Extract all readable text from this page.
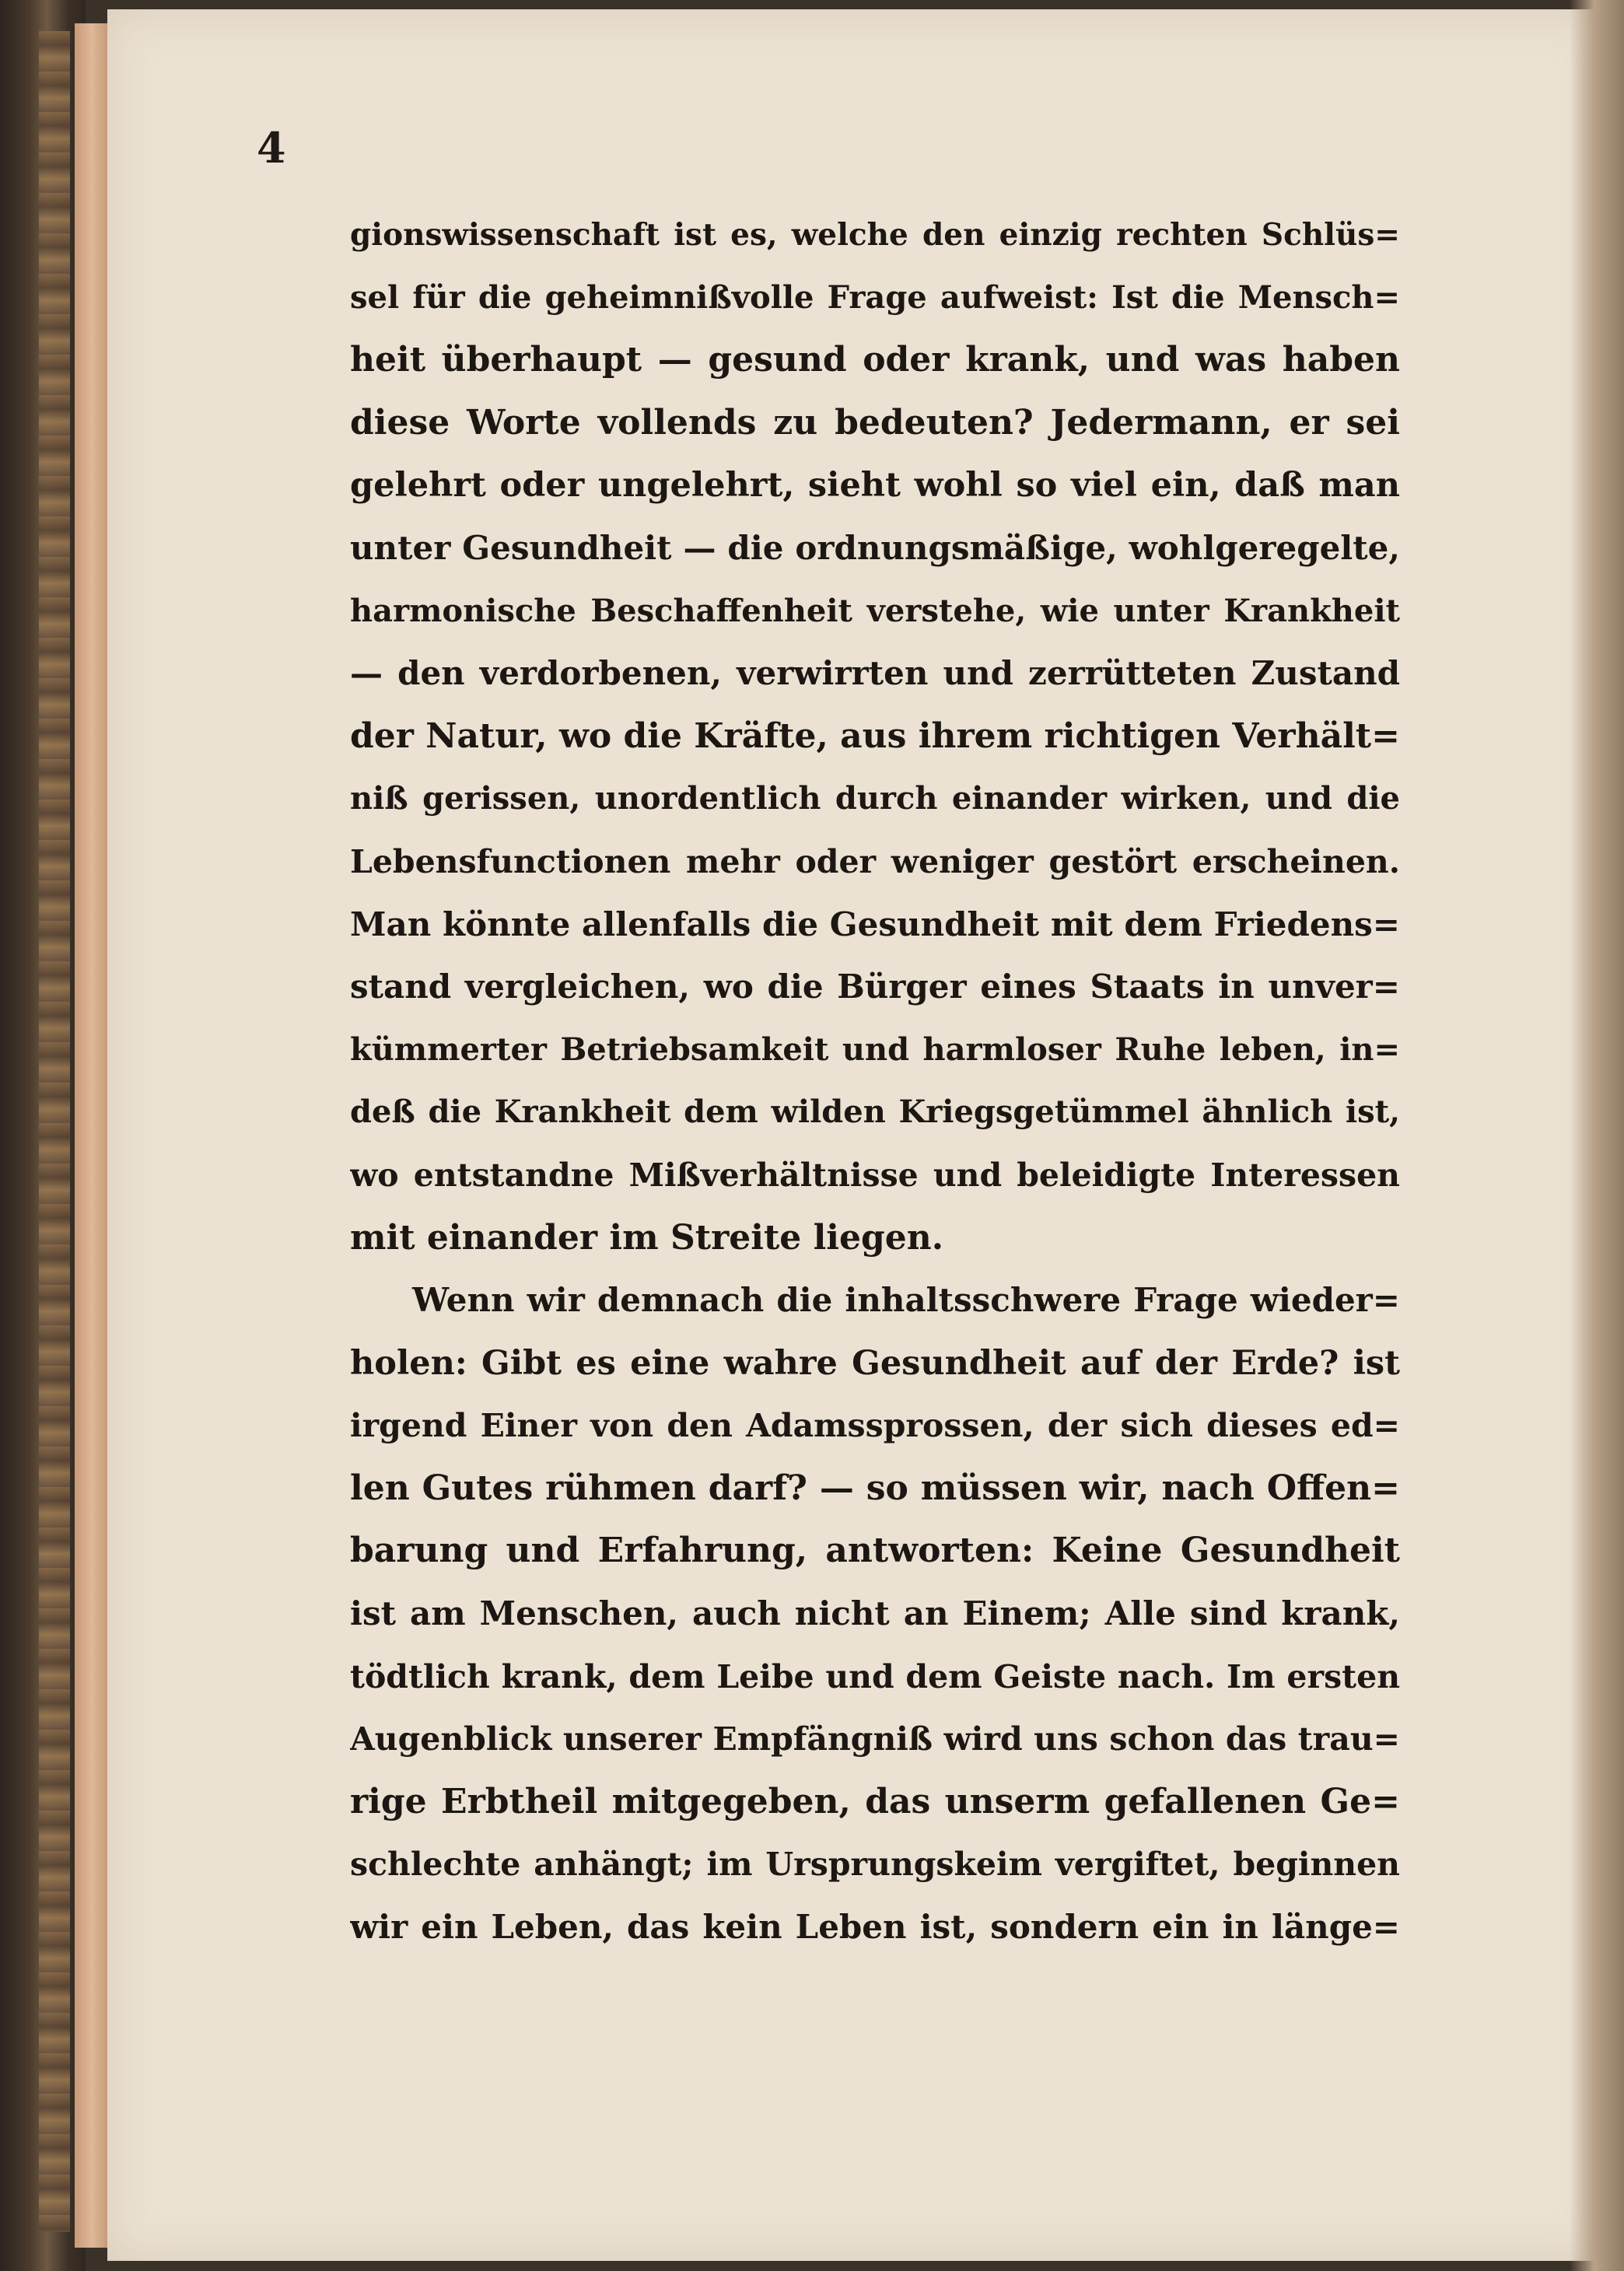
4
gionswissenschaft ist es, welche den einzig rechten Schlüs=
sel für die geheimnißvolle Frage aufweist: Ist die Mensch=
heit überhaupt — gesund oder krank, und was haben
diese Worte vollends zu bedeuten? Jedermann, er sei
gelehrt oder ungelehrt, sieht wohl so viel ein, daß man
unter Gesundheit — die ordnungsmäßige, wohlgeregelte,
harmonische Beschaffenheit verstehe, wie unter Krankheit
— den verdorbenen, verwirrten und zerrütteten Zustand
der Natur, wo die Kräfte, aus ihrem richtigen Verhält=
niß gerissen, unordentlich durch einander wirken, und die
Lebensfunctionen mehr oder weniger gestört erscheinen.
Man könnte allenfalls die Gesundheit mit dem Friedens=
stand vergleichen, wo die Bürger eines Staats in unver=
kümmerter Betriebsamkeit und harmloser Ruhe leben, in=
deß die Krankheit dem wilden Kriegsgetümmel ähnlich ist,
wo entstandne Mißverhältnisse und beleidigte Interessen
mit einander im Streite liegen.
Wenn wir demnach die inhaltsschwere Frage wieder=
holen: Gibt es eine wahre Gesundheit auf der Erde? ist
irgend Einer von den Adamssprossen, der sich dieses ed=
len Gutes rühmen darf? — so müssen wir, nach Offen=
barung und Erfahrung, antworten: Keine Gesundheit
ist am Menschen, auch nicht an Einem; Alle sind krank,
tödtlich krank, dem Leibe und dem Geiste nach. Im ersten
Augenblick unserer Empfängniß wird uns schon das trau=
rige Erbtheil mitgegeben, das unserm gefallenen Ge=
schlechte anhängt; im Ursprungskeim vergiftet, beginnen
wir ein Leben, das kein Leben ist, sondern ein in länge=
